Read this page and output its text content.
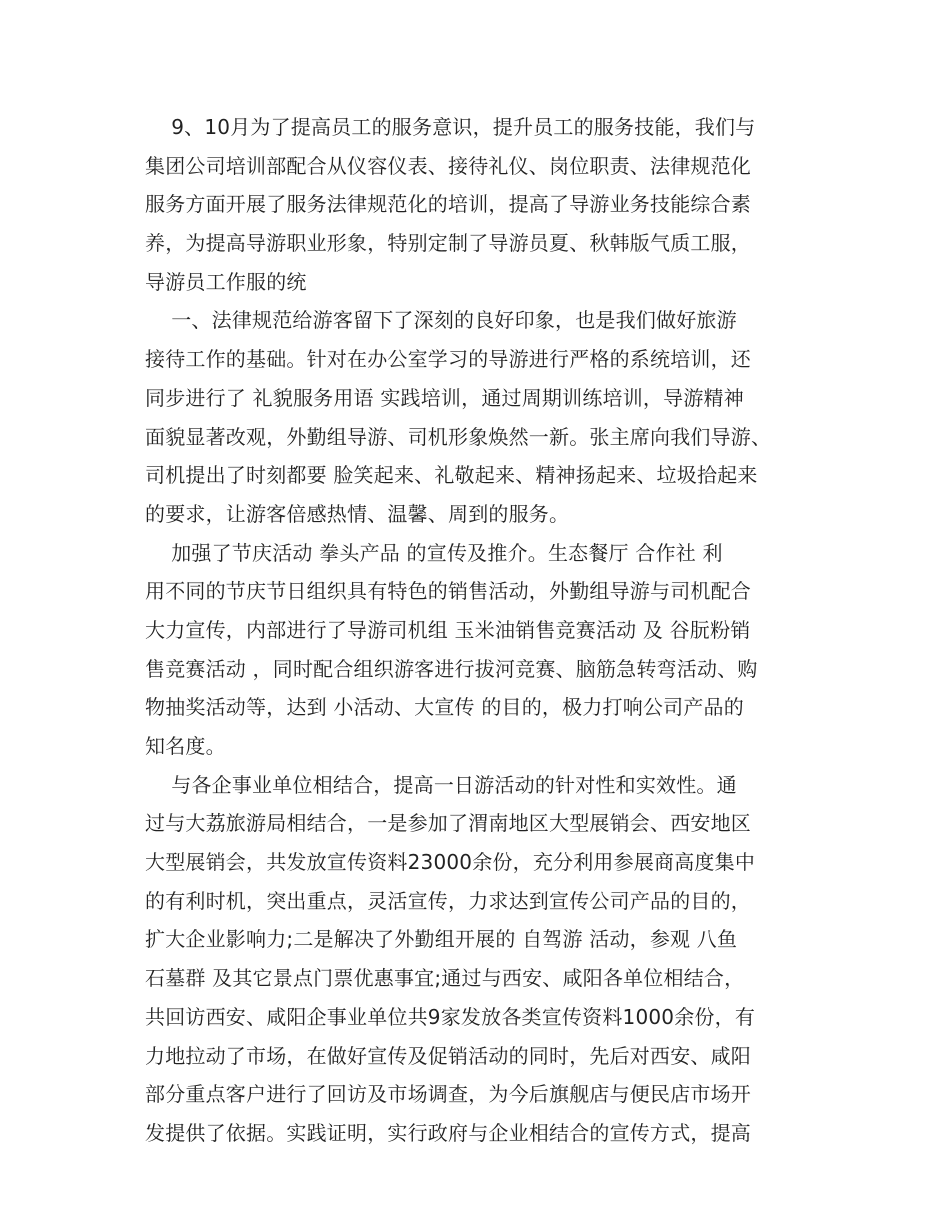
9、10月为了提高员工的服务意识，提升员工的服务技能，我们与
集团公司培训部配合从仪容仪表、接待礼仪、岗位职责、法律规范化
服务方面开展了服务法律规范化的培训，提高了导游业务技能综合素
养，为提高导游职业形象，特别定制了导游员夏、秋韩版气质工服，
导游员工作服的统
一、法律规范给游客留下了深刻的良好印象，也是我们做好旅游
接待工作的基础。针对在办公室学习的导游进行严格的系统培训，还
同步进行了 礼貌服务用语 实践培训，通过周期训练培训，导游精神
面貌显著改观，外勤组导游、司机形象焕然一新。张主席向我们导游、
司机提出了时刻都要 脸笑起来、礼敬起来、精神扬起来、垃圾拾起来
的要求，让游客倍感热情、温馨、周到的服务。
加强了节庆活动 拳头产品 的宣传及推介。生态餐厅 合作社 利
用不同的节庆节日组织具有特色的销售活动，外勤组导游与司机配合
大力宣传，内部进行了导游司机组 玉米油销售竞赛活动 及 谷朊粉销
售竞赛活动 ，同时配合组织游客进行拔河竞赛、脑筋急转弯活动、购
物抽奖活动等，达到 小活动、大宣传 的目的，极力打响公司产品的
知名度。
与各企事业单位相结合，提高一日游活动的针对性和实效性。通
过与大荔旅游局相结合，一是参加了渭南地区大型展销会、西安地区
大型展销会，共发放宣传资料23000余份，充分利用参展商高度集中
的有利时机，突出重点，灵活宣传，力求达到宣传公司产品的目的，
扩大企业影响力;二是解决了外勤组开展的 自驾游 活动，参观 八鱼
石墓群 及其它景点门票优惠事宜;通过与西安、咸阳各单位相结合，
共回访西安、咸阳企事业单位共9家发放各类宣传资料1000余份，有
力地拉动了市场，在做好宣传及促销活动的同时，先后对西安、咸阳
部分重点客户进行了回访及市场调查，为今后旗舰店与便民店市场开
发提供了依据。实践证明，实行政府与企业相结合的宣传方式，提高
